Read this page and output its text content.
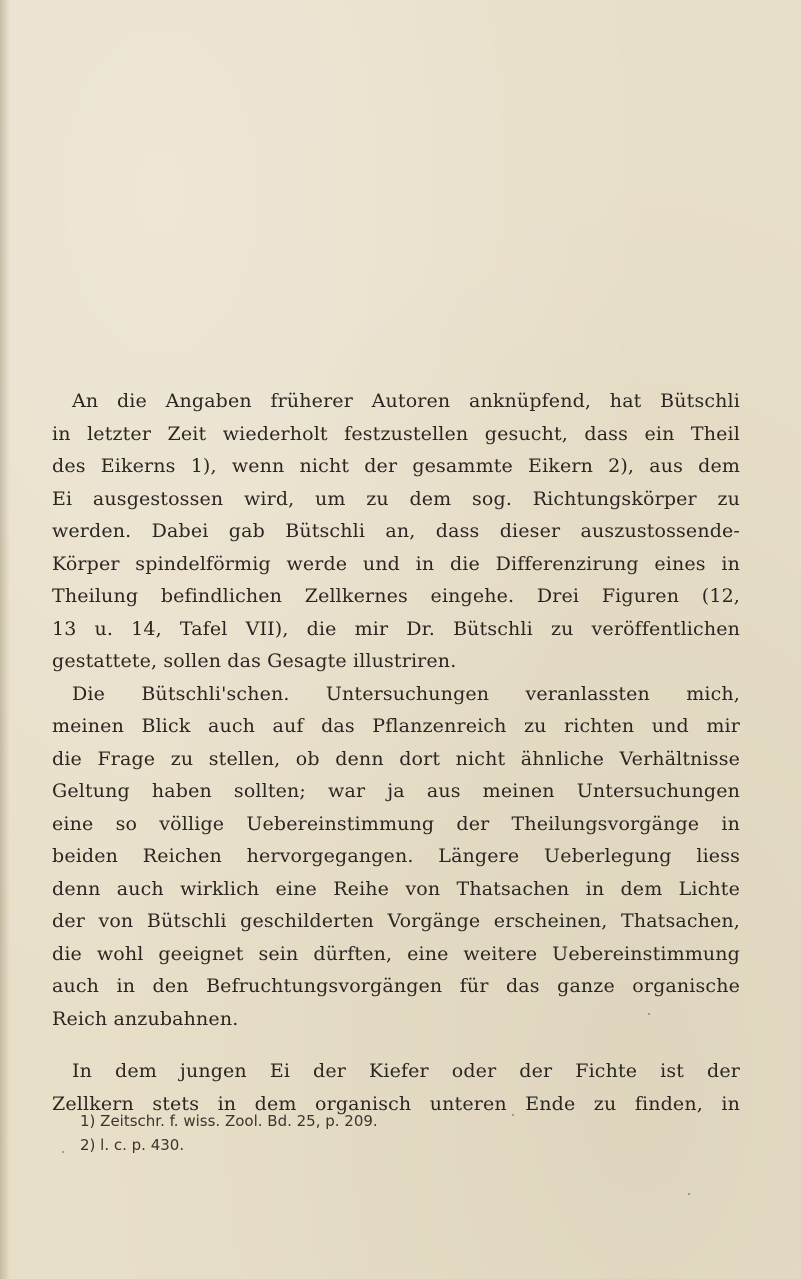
An die Angaben früherer Autoren anknüpfend, hat Bütschli
in letzter Zeit wiederholt festzustellen gesucht, dass ein Theil
des Eikerns 1), wenn nicht der gesammte Eikern 2), aus dem
Ei ausgestossen wird, um zu dem sog. Richtungskörper zu
werden. Dabei gab Bütschli an, dass dieser auszustossende-
Körper spindelförmig werde und in die Differenzirung eines in
Theilung befindlichen Zellkernes eingehe. Drei Figuren (12,
13 u. 14, Tafel VII), die mir Dr. Bütschli zu veröffentlichen
gestattete, sollen das Gesagte illustriren.
Die Bütschli'schen. Untersuchungen veranlassten mich,
meinen Blick auch auf das Pflanzenreich zu richten und mir
die Frage zu stellen, ob denn dort nicht ähnliche Verhältnisse
Geltung haben sollten; war ja aus meinen Untersuchungen
eine so völlige Uebereinstimmung der Theilungsvorgänge in
beiden Reichen hervorgegangen. Längere Ueberlegung liess
denn auch wirklich eine Reihe von Thatsachen in dem Lichte
der von Bütschli geschilderten Vorgänge erscheinen, Thatsachen,
die wohl geeignet sein dürften, eine weitere Uebereinstimmung
auch in den Befruchtungsvorgängen für das ganze organische
Reich anzubahnen.
In dem jungen Ei der Kiefer oder der Fichte ist der
Zellkern stets in dem organisch unteren Ende zu finden, in
1) Zeitschr. f. wiss. Zool. Bd. 25, p. 209.
2) l. c. p. 430.
